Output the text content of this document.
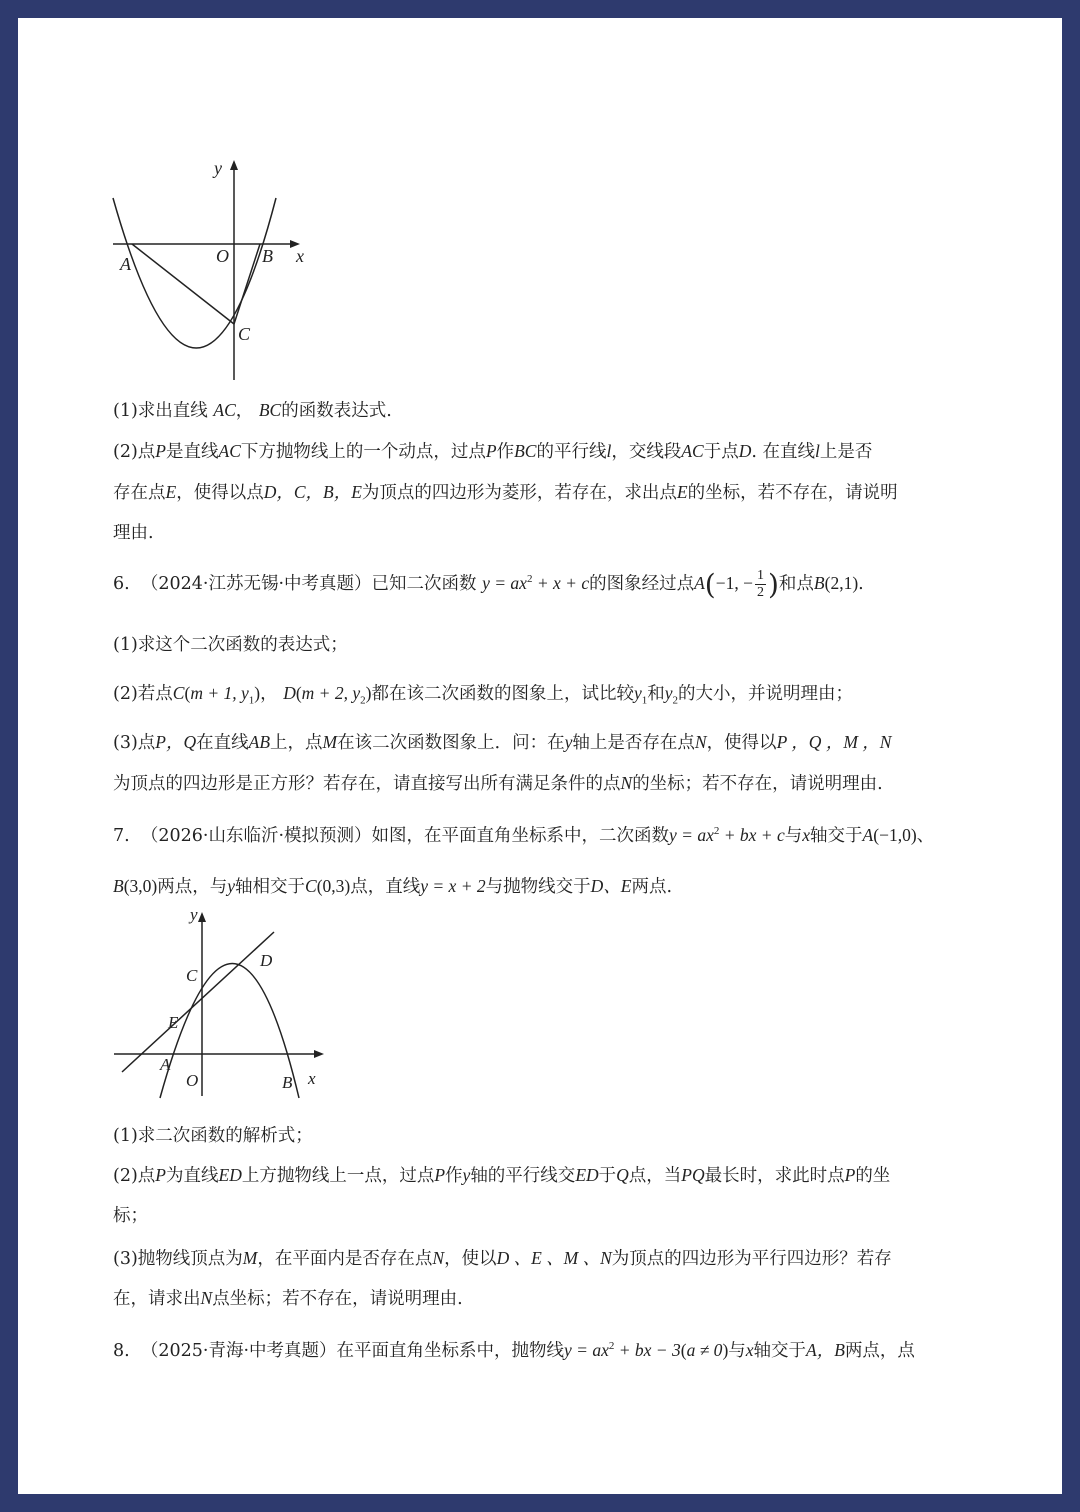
y
x
O
A	B
C
(1)求出直线 AC， BC的函数表达式.
(2)点P是直线AC下方抛物线上的一个动点，过点P作BC的平行线l，交线段AC于点D. 在直线l上是否
存在点E，使得以点D，C，B，E为顶点的四边形为菱形，若存在，求出点E的坐标，若不存在，请说明
理由.
6. （2024·江苏无锡·中考真题）已知二次函数 $y = ax^2 + x + c$的图象经过点A(−1, − $\frac{1}{2}$ )和点B(2,1).
(1)求这个二次函数的表达式；
(2)若点C(m + 1, $y_1$)， D(m + 2, $y_2$)都在该二次函数的图象上，试比较$y_1$和$y_2$的大小，并说明理由；
(3)点P，Q在直线AB上，点M在该二次函数图象上．问：在y轴上是否存在点N，使得以P ，Q ，M ，N
为顶点的四边形是正方形？若存在，请直接写出所有满足条件的点N的坐标；若不存在，请说明理由.
7. （2026·山东临沂·模拟预测）如图，在平面直角坐标系中，二次函数$y = ax^2$ + bx + c与x轴交于A(−1,0)、
B(3,0)两点，与y轴相交于C(0,3)点，直线y = x + 2与抛物线交于D、E两点.
y
x
O
A
B
C
D
E
(1)求二次函数的解析式；
(2)点P为直线ED上方抛物线上一点，过点P作y轴的平行线交ED于Q点，当PQ最长时，求此时点P的坐
标；
(3)抛物线顶点为M，在平面内是否存在点N，使以D 、E 、M 、N为顶点的四边形为平行四边形？若存
在，请求出N点坐标；若不存在，请说明理由.
8. （2025·青海·中考真题）在平面直角坐标系中，抛物线$y = ax^2$ + bx − 3(a ≠ 0)与x轴交于A，B两点，点
